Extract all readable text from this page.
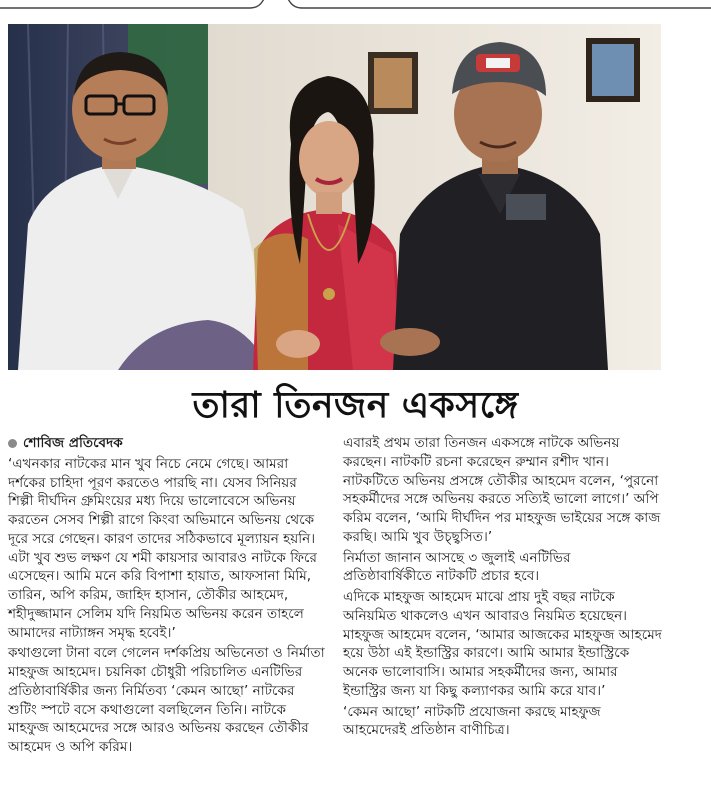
তারা তিনজন একসঙ্গে
শোবিজ প্রতিবেদক

‘এখনকার নাটকের মান খুব নিচে নেমে গেছে। আমরা দর্শকের চাহিদা পূরণ করতেও পারছি না। যেসব সিনিয়র শিল্পী দীর্ঘদিন গ্রুমিংয়ের মধ্য দিয়ে ভালোবেসে অভিনয় করতেন সেসব শিল্পী রাগে কিংবা অভিমানে অভিনয় থেকে দূরে সরে গেছেন। কারণ তাদের সঠিকভাবে মূল্যায়ন হয়নি। এটা খুব শুভ লক্ষণ যে শমী কায়সার আবারও নাটকে ফিরে এসেছেন। আমি মনে করি বিপাশা হায়াত, আফসানা মিমি, তারিন, অপি করিম, জাহিদ হাসান, তৌকীর আহমেদ, শহীদুজ্জামান সেলিম যদি নিয়মিত অভিনয় করেন তাহলে আমাদের নাট্যাঙ্গন সমৃদ্ধ হবেই।’

কথাগুলো টানা বলে গেলেন দর্শকপ্রিয় অভিনেতা ও নির্মাতা মাহফুজ আহমেদ। চয়নিকা চৌধুরী পরিচালিত এনটিভির প্রতিষ্ঠাবার্ষিকীর জন্য নির্মিতব্য ‘কেমন আছো’ নাটকের শুটিং স্পটে বসে কথাগুলো বলছিলেন তিনি। নাটকে মাহফুজ আহমেদের সঙ্গে আরও অভিনয় করছেন তৌকীর আহমেদ ও অপি করিম।

এবারই প্রথম তারা তিনজন একসঙ্গে নাটকে অভিনয় করছেন। নাটকটি রচনা করেছেন রুম্মান রশীদ খান। নাটকটিতে অভিনয় প্রসঙ্গে তৌকীর আহমেদ বলেন, ‘পুরনো সহকর্মীদের সঙ্গে অভিনয় করতে সত্যিই ভালো লাগে।’ অপি করিম বলেন, ‘আমি দীর্ঘদিন পর মাহফুজ ভাইয়ের সঙ্গে কাজ করছি। আমি খুব উচ্ছ্বসিত।’

নির্মাতা জানান আসছে ৩ জুলাই এনটিভির প্রতিষ্ঠাবার্ষিকীতে নাটকটি প্রচার হবে।

এদিকে মাহফুজ আহমেদ মাঝে প্রায় দুই বছর নাটকে অনিয়মিত থাকলেও এখন আবারও নিয়মিত হয়েছেন। মাহফুজ আহমেদ বলেন, ‘আমার আজকের মাহফুজ আহমেদ হয়ে উঠা এই ইন্ডাস্ট্রির কারণে। আমি আমার ইন্ডাস্ট্রিকে অনেক ভালোবাসি। আমার সহকর্মীদের জন্য, আমার ইন্ডাস্ট্রির জন্য যা কিছু কল্যাণকর আমি করে যাব।’

‘কেমন আছো’ নাটকটি প্রযোজনা করছে মাহফুজ আহমেদেরই প্রতিষ্ঠান বাণীচিত্র।
